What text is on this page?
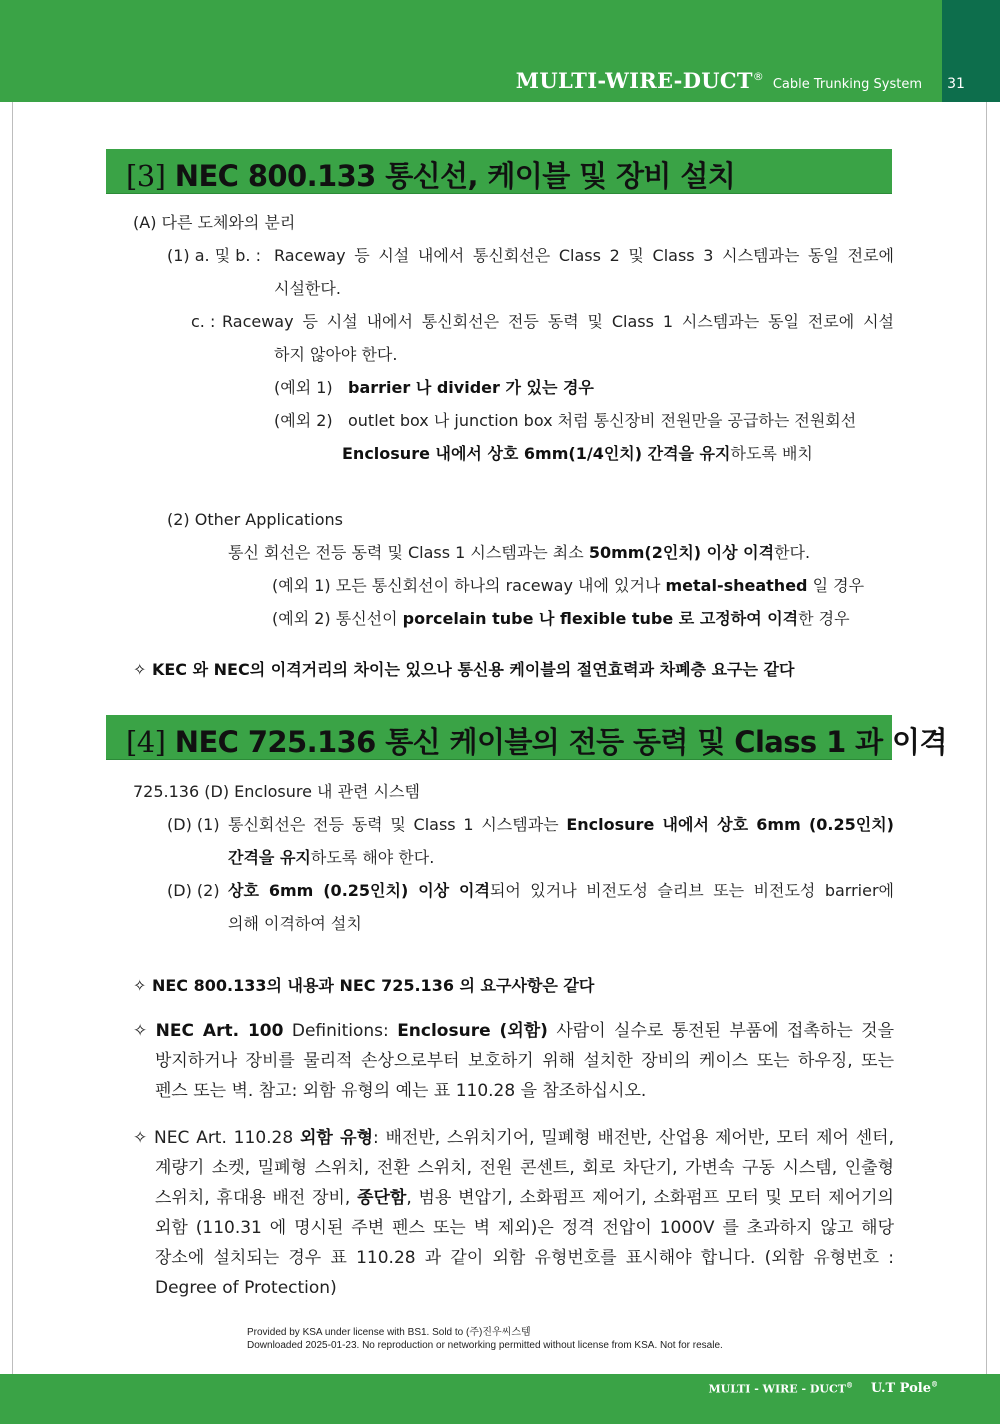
MULTI-WIRE-DUCT® Cable Trunking System	31
[3] NEC 800.133 통신선, 케이블 및 장비 설치
(A) 다른 도체와의 분리
(1) a. 및 b. : Raceway 등 시설 내에서 통신회선은 Class 2 및 Class 3 시스템과는 동일 전로에
시설한다.
c. : Raceway 등 시설 내에서 통신회선은 전등 동력 및 Class 1 시스템과는 동일 전로에 시설
하지 않아야 한다.
(예외 1) barrier 나 divider 가 있는 경우
(예외 2) outlet box 나 junction box 처럼 통신장비 전원만을 공급하는 전원회선
Enclosure 내에서 상호 6mm(1/4인치) 간격을 유지하도록 배치
(2) Other Applications
통신 회선은 전등 동력 및 Class 1 시스템과는 최소 50mm(2인치) 이상 이격한다.
(예외 1) 모든 통신회선이 하나의 raceway 내에 있거나 metal-sheathed 일 경우
(예외 2) 통신선이 porcelain tube 나 flexible tube 로 고정하여 이격한 경우
✧ KEC 와 NEC의 이격거리의 차이는 있으나 통신용 케이블의 절연효력과 차폐층 요구는 같다
[4] NEC 725.136 통신 케이블의 전등 동력 및 Class 1 과 이격
725.136 (D) Enclosure 내 관련 시스템
(D) (1) 통신회선은 전등 동력 및 Class 1 시스템과는 Enclosure 내에서 상호 6mm (0.25인치)
간격을 유지하도록 해야 한다.
(D) (2) 상호 6mm (0.25인치) 이상 이격되어 있거나 비전도성 슬리브 또는 비전도성 barrier에
의해 이격하여 설치
✧ NEC 800.133의 내용과 NEC 725.136 의 요구사항은 같다
✧ NEC Art. 100 Definitions: Enclosure (외함) 사람이 실수로 통전된 부품에 접촉하는 것을
방지하거나 장비를 물리적 손상으로부터 보호하기 위해 설치한 장비의 케이스 또는 하우징, 또는
펜스 또는 벽. 참고: 외함 유형의 예는 표 110.28 을 참조하십시오.
✧ NEC Art. 110.28 외함 유형: 배전반, 스위치기어, 밀폐형 배전반, 산업용 제어반, 모터 제어 센터,
계량기 소켓, 밀폐형 스위치, 전환 스위치, 전원 콘센트, 회로 차단기, 가변속 구동 시스템, 인출형
스위치, 휴대용 배전 장비, 종단함, 범용 변압기, 소화펌프 제어기, 소화펌프 모터 및 모터 제어기의
외함 (110.31 에 명시된 주변 펜스 또는 벽 제외)은 정격 전압이 1000V 를 초과하지 않고 해당
장소에 설치되는 경우 표 110.28 과 같이 외함 유형번호를 표시해야 합니다. (외함 유형번호 :
Degree of Protection)
Provided by KSA under license with BS1. Sold to (주)진우씨스템
Downloaded 2025-01-23. No reproduction or networking permitted without license from KSA. Not for resale.
MULTI - WIRE - DUCT® U.T Pole®
